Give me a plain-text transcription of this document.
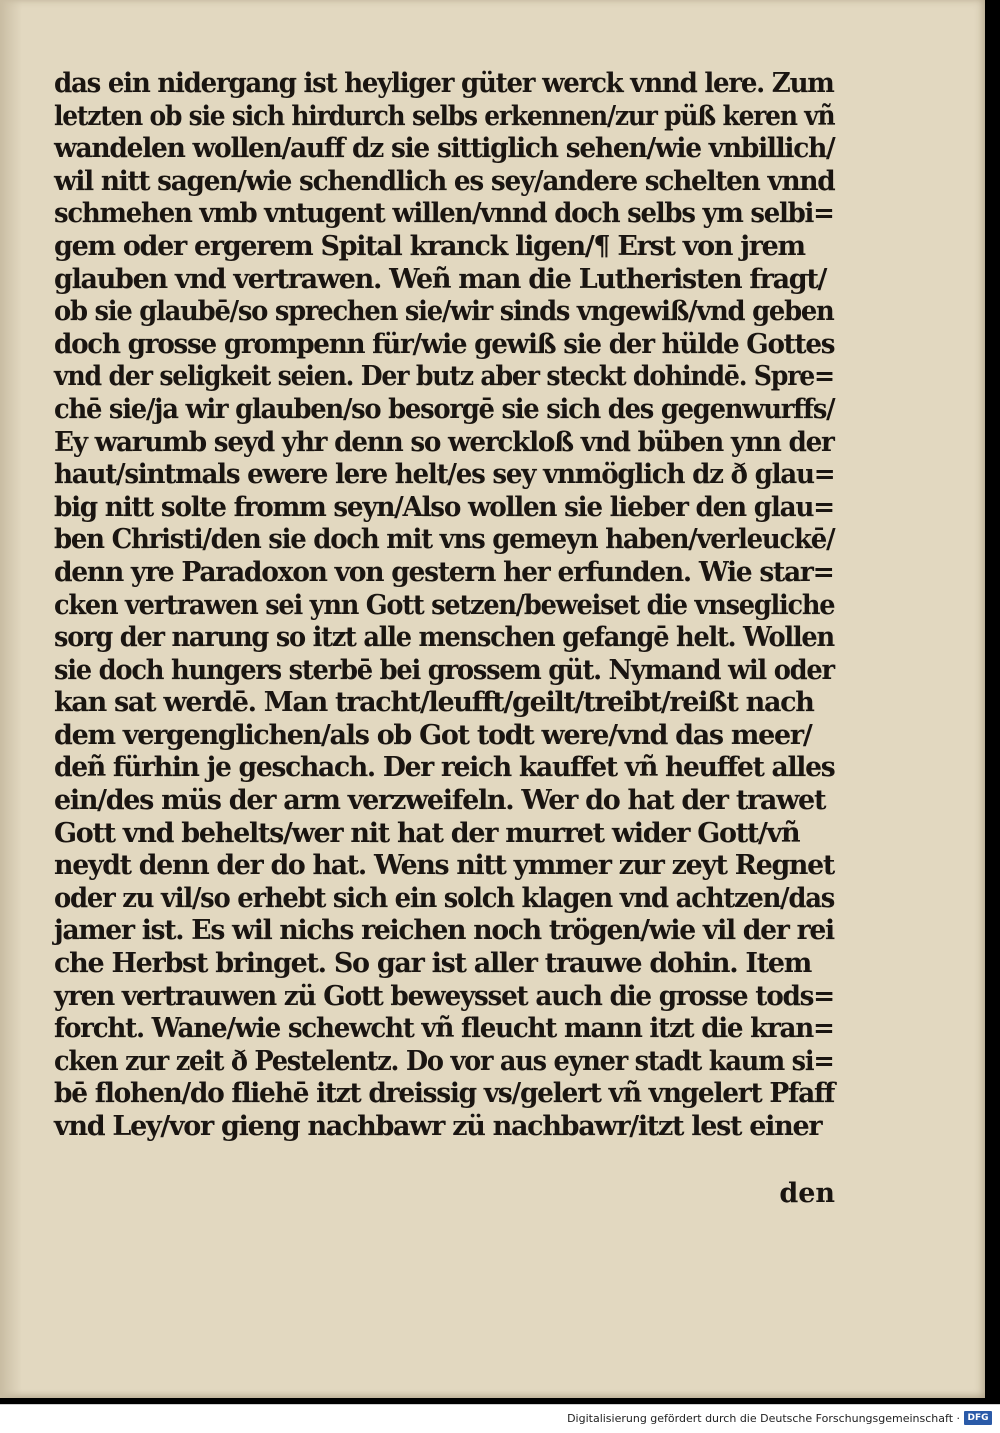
das ein nidergang ist heyliger güter werck vnnd lere. Zum
letzten ob sie sich hirdurch selbs erkennen/zur püß keren vñ
wandelen wollen/auff dz sie sittiglich sehen/wie vnbillich/
wil nitt sagen/wie schendlich es sey/andere schelten vnnd
schmehen vmb vntugent willen/vnnd doch selbs ym selbi=
gem oder ergerem Spital kranck ligen/¶ Erst von jrem
glauben vnd vertrawen. Weñ man die Lutheristen fragt/
ob sie glaubē/so sprechen sie/wir sinds vngewiß/vnd geben
doch grosse grompenn für/wie gewiß sie der hülde Gottes
vnd der seligkeit seien. Der butz aber steckt dohindē. Spre=
chē sie/ja wir glauben/so besorgē sie sich des gegenwurffs/
Ey warumb seyd yhr denn so werckloß vnd büben ynn der
haut/sintmals ewere lere helt/es sey vnmöglich dz ð glau=
big nitt solte fromm seyn/Also wollen sie lieber den glau=
ben Christi/den sie doch mit vns gemeyn haben/verleuckē/
denn yre Paradoxon von gestern her erfunden. Wie star=
cken vertrawen sei ynn Gott setzen/beweiset die vnsegliche
sorg der narung so itzt alle menschen gefangē helt. Wollen
sie doch hungers sterbē bei grossem güt. Nymand wil oder
kan sat werdē. Man tracht/leufft/geilt/treibt/reißt nach
dem vergenglichen/als ob Got todt were/vnd das meer/
deñ fürhin je geschach. Der reich kauffet vñ heuffet alles
ein/des müs der arm verzweifeln. Wer do hat der trawet
Gott vnd behelts/wer nit hat der murret wider Gott/vñ
neydt denn der do hat. Wens nitt ymmer zur zeyt Regnet
oder zu vil/so erhebt sich ein solch klagen vnd achtzen/das
jamer ist. Es wil nichs reichen noch trögen/wie vil der rei
che Herbst bringet. So gar ist aller trauwe dohin. Item
yren vertrauwen zü Gott beweysset auch die grosse tods=
forcht. Wane/wie schewcht vñ fleucht mann itzt die kran=
cken zur zeit ð Pestelentz. Do vor aus eyner stadt kaum si=
bē flohen/do fliehē itzt dreissig vs/gelert vñ vngelert Pfaff
vnd Ley/vor gieng nachbawr zü nachbawr/itzt lest einer
den
Digitalisierung gefördert durch die Deutsche Forschungsgemeinschaft · DFG
